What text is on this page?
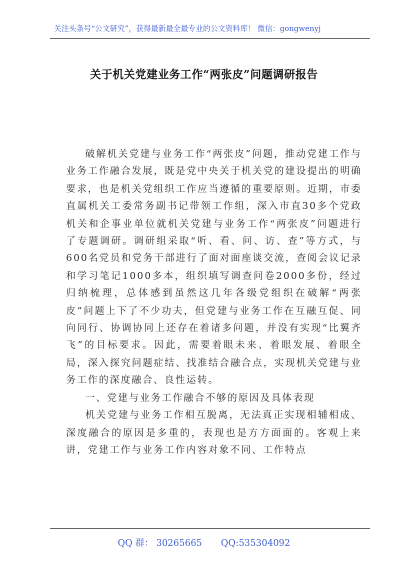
关注头条号“公文研究”，获得最新最全最专业的公文资料库！ 微信：gongwenyj
关于机关党建业务工作“两张皮”问题调研报告

破解机关党建与业务工作“两张皮”问题，推动党建工作与业务工作融合发展，既是党中央关于机关党的建设提出的明确要求，也是机关党组织工作应当遵循的重要原则。近期，市委直属机关工委常务副书记带领工作组，深入市直30多个党政机关和企事业单位就机关党建与业务工作“两张皮”问题进行了专题调研。调研组采取“听、看、问、访、查”等方式，与600名党员和党务干部进行了面对面座谈交流，查阅会议记录和学习笔记1000多本，组织填写调查问卷2000多份，经过归纳梳理，总体感到虽然这几年各级党组织在破解“两张皮”问题上下了不少功夫，但党建与业务工作在互融互促、同向同行、协调协同上还存在着诸多问题，并没有实现“比翼齐飞”的目标要求。因此，需要着眼未来、着眼发展、着眼全局，深入探究问题症结、找准结合融合点，实现机关党建与业务工作的深度融合、良性运转。

一、党建与业务工作融合不够的原因及具体表现

机关党建与业务工作相互脱离，无法真正实现相辅相成、深度融合的原因是多重的，表现也是方方面面的。客观上来讲，党建工作与业务工作内容对象不同、工作特点

QQ 群： 30265665 QQ:535304092
